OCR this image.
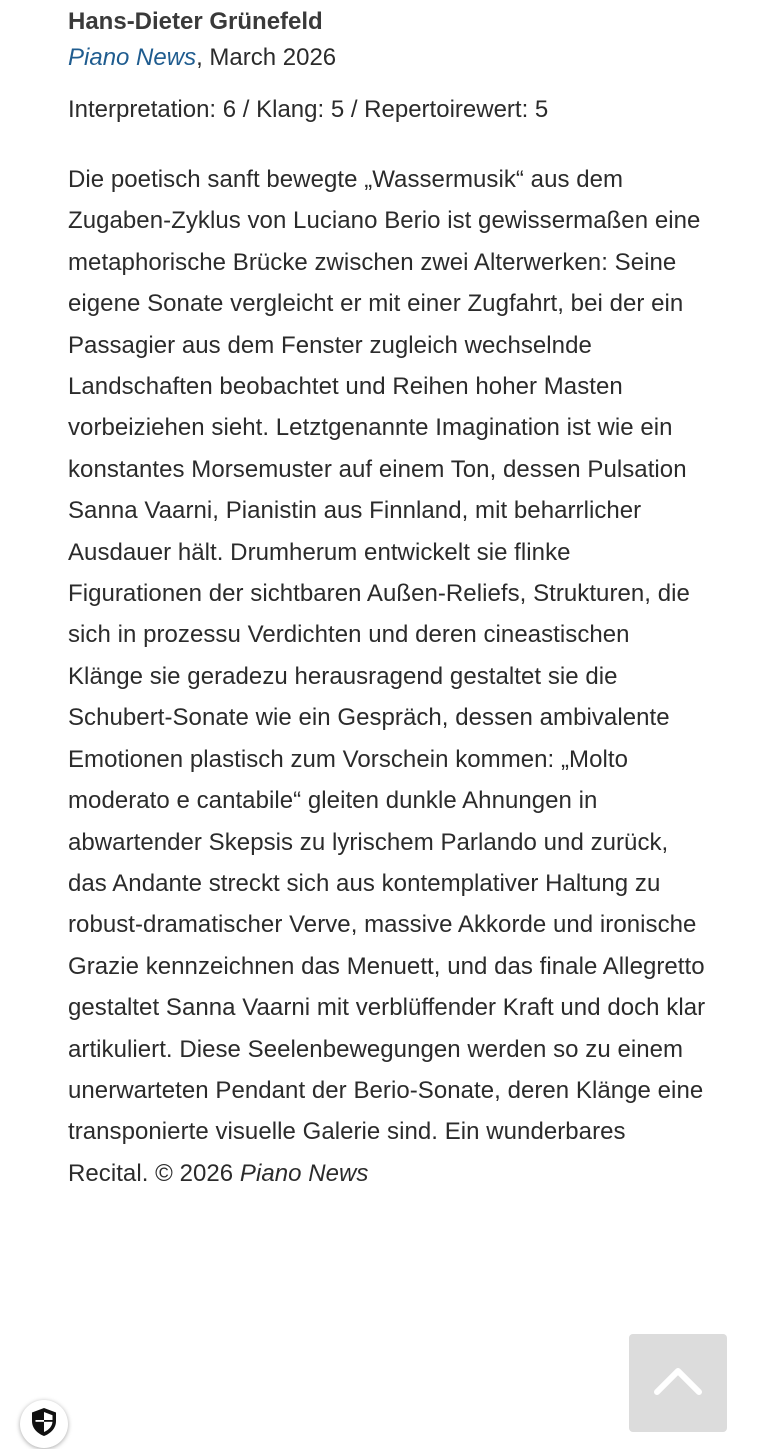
Hans-Dieter Grünefeld

Piano News, March 2026

Interpretation: 6 / Klang: 5 / Repertoirewert: 5

Die poetisch sanft bewegte „Wassermusik“ aus dem Zugaben-Zyklus von Luciano Berio ist gewissermaßen eine metaphorische Brücke zwischen zwei Alterwerken: Seine eigene Sonate vergleicht er mit einer Zugfahrt, bei der ein Passagier aus dem Fenster zugleich wechselnde Landschaften beobachtet und Reihen hoher Masten vorbeiziehen sieht. Letztgenannte Imagination ist wie ein konstantes Morsemuster auf einem Ton, dessen Pulsation Sanna Vaarni, Pianistin aus Finnland, mit beharrlicher Ausdauer hält. Drumherum entwickelt sie flinke Figurationen der sichtbaren Außen-Reliefs, Strukturen, die sich in prozessu Verdichten und deren cineastischen Klänge sie geradezu herausragend gestaltet sie die Schubert-Sonate wie ein Gespräch, dessen ambivalente Emotionen plastisch zum Vorschein kommen: „Molto moderato e cantabile“ gleiten dunkle Ahnungen in abwartender Skepsis zu lyrischem Parlando und zurück, das Andante streckt sich aus kontemplativer Haltung zu robust-dramatischer Verve, massive Akkorde und ironische Grazie kennzeichnen das Menuett, und das finale Allegretto gestaltet Sanna Vaarni mit verblüffender Kraft und doch klar artikuliert. Diese Seelenbewegungen werden so zu einem unerwarteten Pendant der Berio-Sonate, deren Klänge eine transponierte visuelle Galerie sind. Ein wunderbares Recital. © 2026 Piano News
